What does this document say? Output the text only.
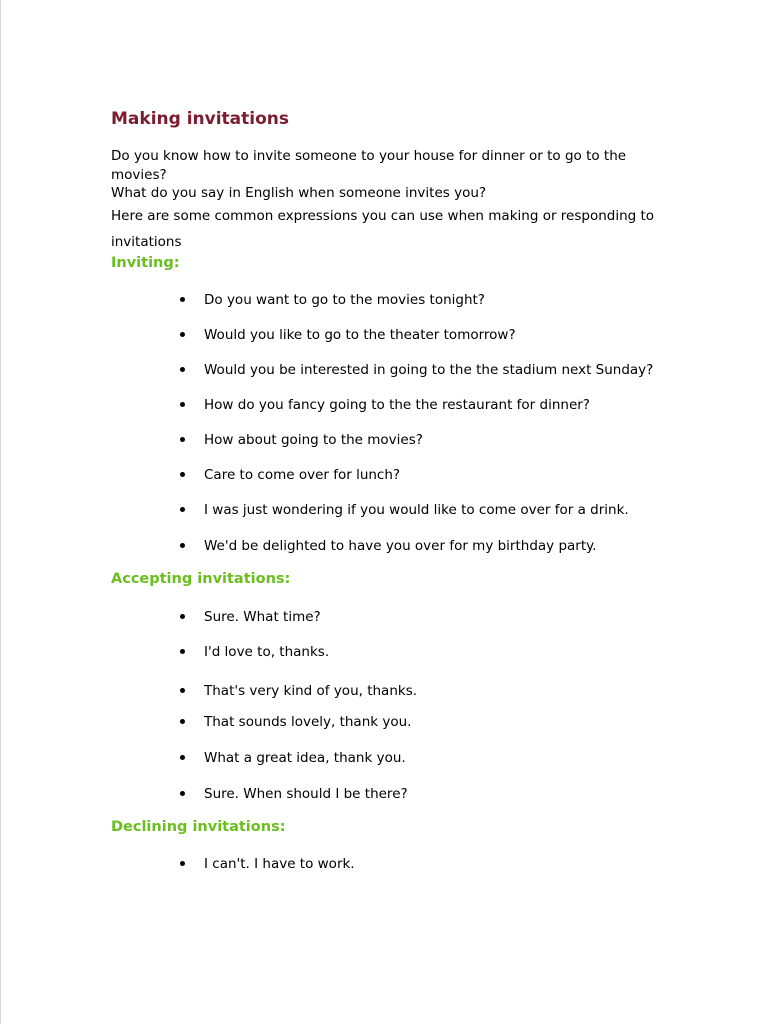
Making invitations

Do you know how to invite someone to your house for dinner or to go to the movies?

What do you say in English when someone invites you?

Here are some common expressions you can use when making or responding to invitations

Inviting:
Do you want to go to the movies tonight?
Would you like to go to the theater tomorrow?
Would you be interested in going to the the stadium next Sunday?
How do you fancy going to the the restaurant for dinner?
How about going to the movies?
Care to come over for lunch?
I was just wondering if you would like to come over for a drink.
We'd be delighted to have you over for my birthday party.
Accepting invitations:
Sure. What time?
I'd love to, thanks.
That's very kind of you, thanks.
That sounds lovely, thank you.
What a great idea, thank you.
Sure. When should I be there?
Declining invitations:
I can't. I have to work.
